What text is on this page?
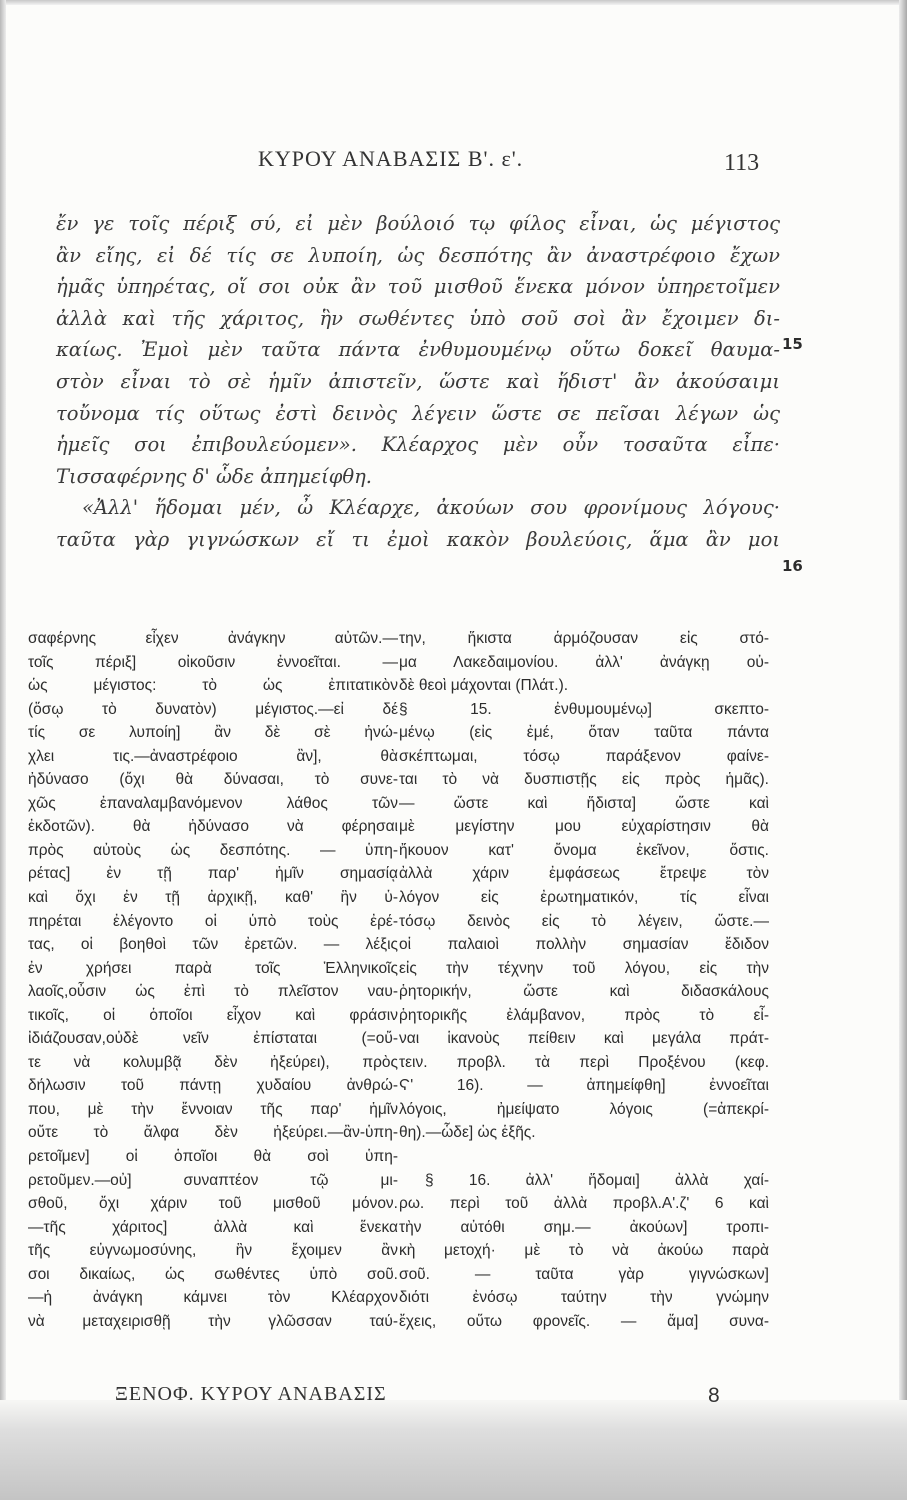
ΚΥΡΟΥ ΑΝΑΒΑΣΙΣ Β'. ε'.	113
ἔν γε τοῖς πέριξ σύ, εἰ μὲν βούλοιό τῳ φίλος εἶναι, ὡς μέγιστος
ἂν εἴης, εἰ δέ τίς σε λυποίη, ὡς δεσπότης ἂν ἀναστρέφοιο ἔχων
ἡμᾶς ὑπηρέτας, οἵ σοι οὐκ ἂν τοῦ μισθοῦ ἕνεκα μόνον ὑπηρετοῖμεν
ἀλλὰ καὶ τῆς χάριτος, ἣν σωθέντες ὑπὸ σοῦ σοὶ ἂν ἔχοιμεν δι-
καίως. Ἐμοὶ μὲν ταῦτα πάντα ἐνθυμουμένῳ οὕτω δοκεῖ θαυμα-
στὸν εἶναι τὸ σὲ ἡμῖν ἀπιστεῖν, ὥστε καὶ ἥδιστ' ἂν ἀκούσαιμι
τοὔνομα τίς οὕτως ἐστὶ δεινὸς λέγειν ὥστε σε πεῖσαι λέγων ὡς
ἡμεῖς σοι ἐπιβουλεύομεν». Κλέαρχος μὲν οὖν τοσαῦτα εἶπε·
Τισσαφέρνης δ' ὧδε ἀπημείφθη.
«Ἀλλ' ἥδομαι μέν, ὦ Κλέαρχε, ἀκούων σου φρονίμους λόγους·
ταῦτα γὰρ γιγνώσκων εἴ τι ἐμοὶ κακὸν βουλεύοις, ἅμα ἂν μοι
15
16
σαφέρνης εἶχεν ἀνάγκην αὐτῶν.—
τοῖς πέριξ] οἰκοῦσιν ἐννοεῖται. —
ὡς μέγιστος: τὸ ὡς ἐπιτατικὸν
(ὅσῳ τὸ δυνατὸν) μέγιστος.—εἰ δέ
τίς σε λυποίη] ἂν δὲ σὲ ἠνώ-
χλει τις.—ἀναστρέφοιο ἂν], θὰ
ἠδύνασο (ὄχι θὰ δύνασαι, τὸ συνε-
χῶς ἐπαναλαμβανόμενον λάθος τῶν
ἐκδοτῶν). θὰ ἠδύνασο νὰ φέρησαι
πρὸς αὐτοὺς ὡς δεσπότης. — ὑπη-
ρέτας] ἐν τῇ παρ' ἡμῖν σημασίᾳ
καὶ ὄχι ἐν τῇ ἀρχικῇ, καθ' ἣν ὑ-
πηρέται ἐλέγοντο οἱ ὑπὸ τοὺς ἐρέ-
τας, οἱ βοηθοὶ τῶν ἐρετῶν. — λέξις
ἐν χρήσει παρὰ τοῖς Ἑλληνικοῖς
λαοῖς,οὖσιν ὡς ἐπὶ τὸ πλεῖστον ναυ-
τικοῖς, οἱ ὁποῖοι εἶχον καὶ φράσιν
ἰδιάζουσαν,οὐδὲ νεῖν ἐπίσταται (=οὔ-
τε νὰ κολυμβᾷ δὲν ἠξεύρει), πρὸς
δήλωσιν τοῦ πάντῃ χυδαίου ἀνθρώ-
που, μὲ τὴν ἔννοιαν τῆς παρ' ἡμῖν
οὔτε τὸ ἄλφα δὲν ἠξεύρει.—ἂν-ὑπη-
ρετοῖμεν] οἱ ὁποῖοι θὰ σοὶ ὑπη-
ρετοῦμεν.—οὐ] συναπτέον τῷ μι-
σθοῦ, ὄχι χάριν τοῦ μισθοῦ μόνον.
—τῆς χάριτος] ἀλλὰ καὶ ἕνεκα
τῆς εὐγνωμοσύνης, ἣν ἔχοιμεν ἂν
σοι δικαίως, ὡς σωθέντες ὑπὸ σοῦ.
—ἡ ἀνάγκη κάμνει τὸν Κλέαρχον
νὰ μεταχειρισθῇ τὴν γλῶσσαν ταύ-
την, ἥκιστα ἁρμόζουσαν εἰς στό-
μα Λακεδαιμονίου. ἀλλ' ἀνάγκῃ οὐ-
δὲ θεοὶ μάχονται (Πλάτ.).
§ 15. ἐνθυμουμένῳ] σκεπτο-
μένῳ (εἰς ἐμέ, ὅταν ταῦτα πάντα
σκέπτωμαι, τόσῳ παράξενον φαίνε-
ται τὸ νὰ δυσπιστῇς εἰς πρὸς ἡμᾶς).
— ὥστε καὶ ἥδιστα] ὥστε καὶ
μὲ μεγίστην μου εὐχαρίστησιν θὰ
ἤκουον κατ' ὄνομα ἐκεῖνον, ὅστις.
ἀλλὰ χάριν ἐμφάσεως ἔτρεψε τὸν
λόγον εἰς ἐρωτηματικόν, τίς εἶναι
τόσῳ δεινὸς εἰς τὸ λέγειν, ὥστε.—
οἱ παλαιοὶ πολλὴν σημασίαν ἔδιδον
εἰς τὴν τέχνην τοῦ λόγου, εἰς τὴν
ῥητορικήν, ὥστε καὶ διδασκάλους
ῥητορικῆς ἐλάμβανον, πρὸς τὸ εἶ-
ναι ἱκανοὺς πείθειν καὶ μεγάλα πράτ-
τειν. προβλ. τὰ περὶ Προξένου (κεφ.
Ϛ' 16). — ἀπημείφθη] ἐννοεῖται
λόγοις, ἠμείψατο λόγοις (=ἀπεκρί-
θη).—ὧδε] ὡς ἑξῆς.
§ 16. ἀλλ' ἥδομαι] ἀλλὰ χαί-
ρω. περὶ τοῦ ἀλλὰ προβλ.Α'.ζ' 6 καὶ
τὴν αὐτόθι σημ.— ἀκούων] τροπι-
κὴ μετοχή· μὲ τὸ νὰ ἀκούω παρὰ
σοῦ. — ταῦτα γὰρ γιγνώσκων]
διότι ἐνόσῳ ταύτην τὴν γνώμην
ἔχεις, οὕτω φρονεῖς. — ἅμα] συνα-
ΞΕΝΟΦ. ΚΥΡΟΥ ΑΝΑΒΑΣΙΣ	8
